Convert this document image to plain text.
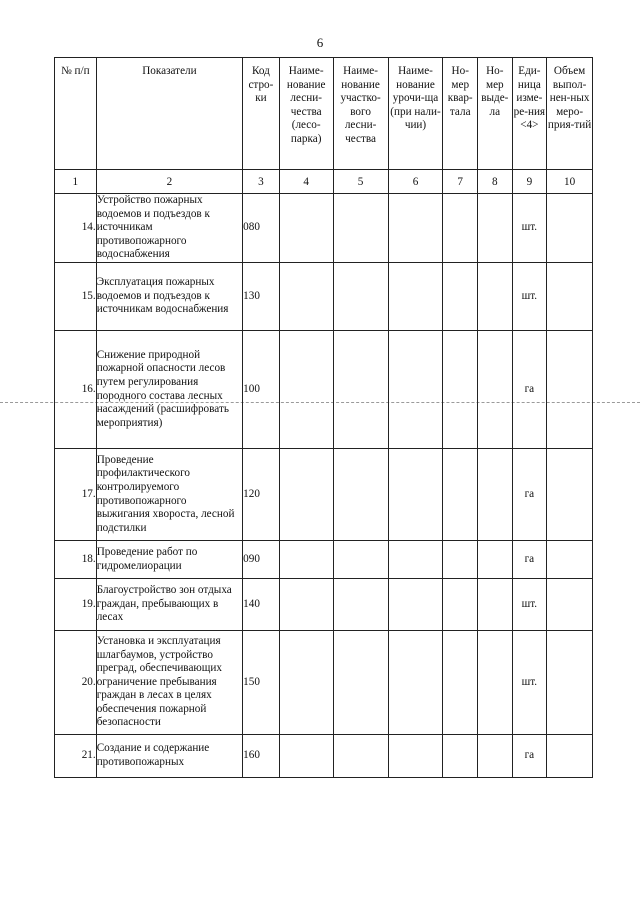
6
№ п/п	Показатели	Код стро-ки	Наиме-нование лесни-чества (лесо-парка)	Наиме-нование участко-вого лесни-чества	Наиме-нование урочи-ща (при нали-чии)	Но-мер квар-тала	Но-мер выде-ла	Еди-ница изме-ре-ния <4>	Объем выпол-нен-ных меро-прия-тий
1	2	3	4	5	6	7	8	9	10
14.	Устройство пожарных водоемов и подъездов к источникам противопожарного водоснабжения	080						шт.	
15.	Эксплуатация пожарных водоемов и подъездов к источникам водоснабжения	130						шт.	
16.	Снижение природной пожарной опасности лесов путем регулирования породного состава лесных насаждений (расшифровать мероприятия)	100						га	
17.	Проведение профилактического контролируемого противопожарного выжигания хвороста, лесной подстилки	120						га	
18.	Проведение работ по гидромелиорации	090						га	
19.	Благоустройство зон отдыха граждан, пребывающих в лесах	140						шт.	
20.	Установка и эксплуатация шлагбаумов, устройство преград, обеспечивающих ограничение пребывания граждан в лесах в целях обеспечения пожарной безопасности	150						шт.	
21.	Создание и содержание противопожарных	160						га	
